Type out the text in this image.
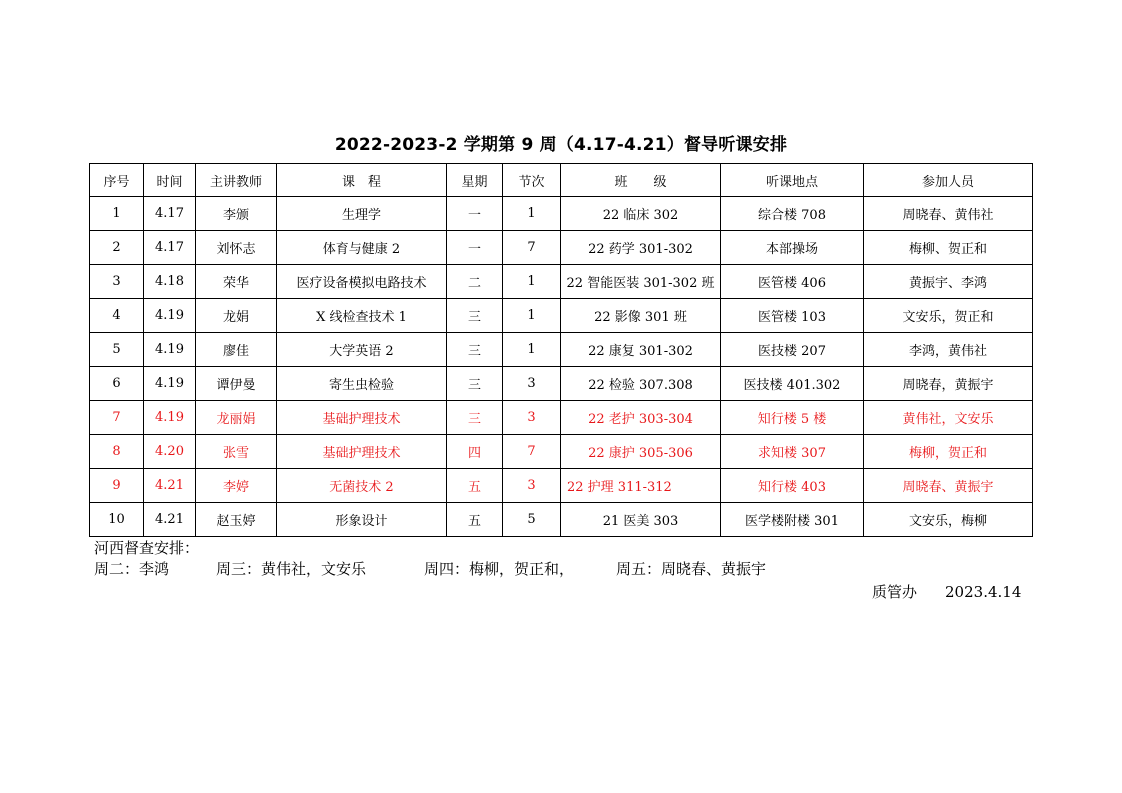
2022-2023-2 学期第 9 周（4.17-4.21）督导听课安排
序号	时间	主讲教师	课　程	星期	节次	班　　级	听课地点	参加人员
1	4.17	李颁	生理学	一	1	22 临床 302	综合楼 708	周晓春、黄伟社
2	4.17	刘怀志	体育与健康 2	一	7	22 药学 301-302	本部操场	梅柳、贺正和
3	4.18	荣华	医疗设备模拟电路技术	二	1	22 智能医装 301-302 班	医管楼 406	黄振宇、李鸿
4	4.19	龙娟	X 线检查技术 1	三	1	22 影像 301 班	医管楼 103	文安乐，贺正和
5	4.19	廖佳	大学英语 2	三	1	22 康复 301-302	医技楼 207	李鸿，黄伟社
6	4.19	谭伊曼	寄生虫检验	三	3	22 检验 307.308	医技楼 401.302	周晓春，黄振宇
7	4.19	龙丽娟	基础护理技术	三	3	22 老护 303-304	知行楼 5 楼	黄伟社，文安乐
8	4.20	张雪	基础护理技术	四	7	22 康护 305-306	求知楼 307	梅柳，贺正和
9	4.21	李婷	无菌技术 2	五	3	22 护理 311-312	知行楼 403	周晓春、黄振宇
10	4.21	赵玉婷	形象设计	五	5	21 医美 303	医学楼附楼 301	文安乐，梅柳
河西督查安排：
周二：李鸿	周三：黄伟社，文安乐	周四：梅柳，贺正和，	周五：周晓春、黄振宇
质管办 2023.4.14
